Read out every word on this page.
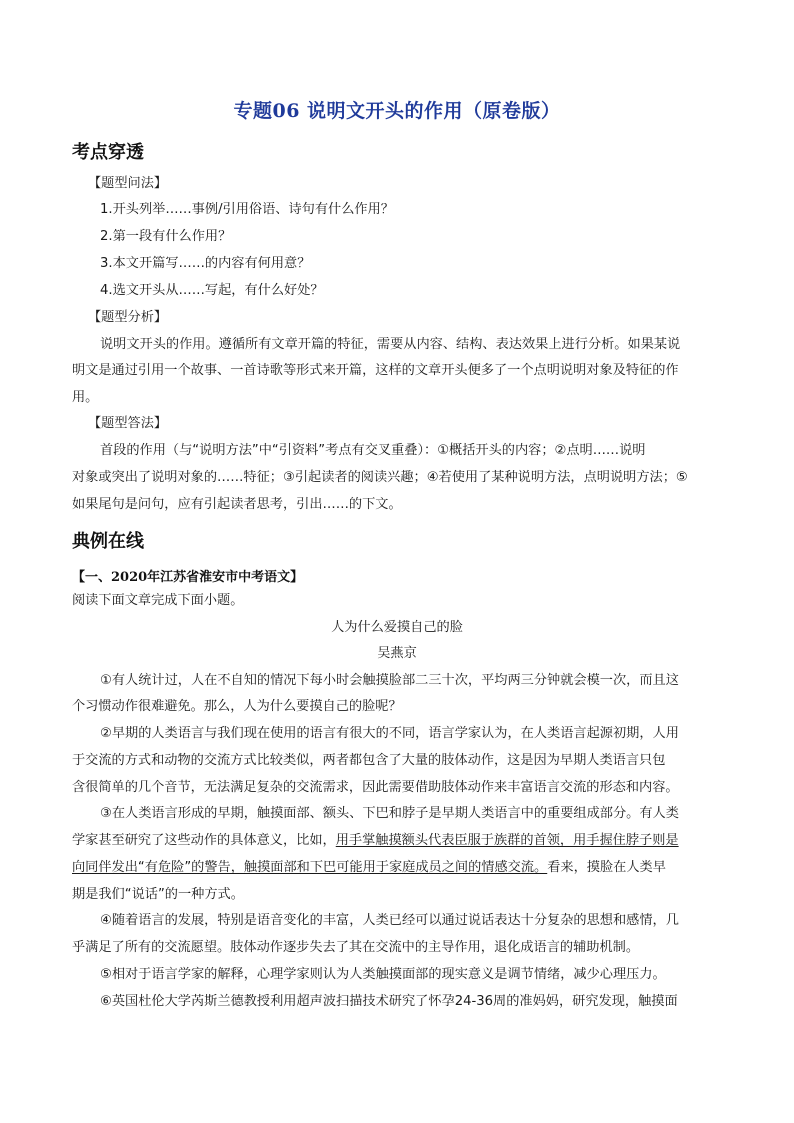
专题06 说明文开头的作用（原卷版）
考点穿透
【题型问法】
1.开头列举……事例/引用俗语、诗句有什么作用？
2.第一段有什么作用？
3.本文开篇写……的内容有何用意？
4.选文开头从……写起，有什么好处？
【题型分析】
说明文开头的作用。遵循所有文章开篇的特征，需要从内容、结构、表达效果上进行分析。如果某说
明文是通过引用一个故事、一首诗歌等形式来开篇，这样的文章开头便多了一个点明说明对象及特征的作
用。
【题型答法】
首段的作用（与“说明方法”中“引资料”考点有交叉重叠）：①概括开头的内容；②点明……说明
对象或突出了说明对象的……特征；③引起读者的阅读兴趣；④若使用了某种说明方法，点明说明方法；⑤
如果尾句是问句，应有引起读者思考，引出……的下文。
典例在线
【一、2020年江苏省淮安市中考语文】
阅读下面文章完成下面小题。
人为什么爱摸自己的脸
吴燕京
①有人统计过，人在不自知的情况下每小时会触摸脸部二三十次，平均两三分钟就会模一次，而且这
个习惯动作很难避免。那么，人为什么要摸自己的脸呢？
②早期的人类语言与我们现在使用的语言有很大的不同，语言学家认为，在人类语言起源初期，人用
于交流的方式和动物的交流方式比较类似，两者都包含了大量的肢体动作，这是因为早期人类语言只包
含很简单的几个音节，无法满足复杂的交流需求，因此需要借助肢体动作来丰富语言交流的形态和内容。
③在人类语言形成的早期，触摸面部、额头、下巴和脖子是早期人类语言中的重要组成部分。有人类
学家甚至研究了这些动作的具体意义，比如，用手掌触摸额头代表臣服于族群的首领，用手握住脖子则是
向同伴发出“有危险”的警告，触摸面部和下巴可能用于家庭成员之间的情感交流。看来，摸脸在人类早
期是我们“说话”的一种方式。
④随着语言的发展，特别是语音变化的丰富，人类已经可以通过说话表达十分复杂的思想和感情，几
乎满足了所有的交流愿望。肢体动作逐步失去了其在交流中的主导作用，退化成语言的辅助机制。
⑤相对于语言学家的解释，心理学家则认为人类触摸面部的现实意义是调节情绪，减少心理压力。
⑥英国杜伦大学芮斯兰德教授利用超声波扫描技术研究了怀孕24-36周的准妈妈，研究发现，触摸面
